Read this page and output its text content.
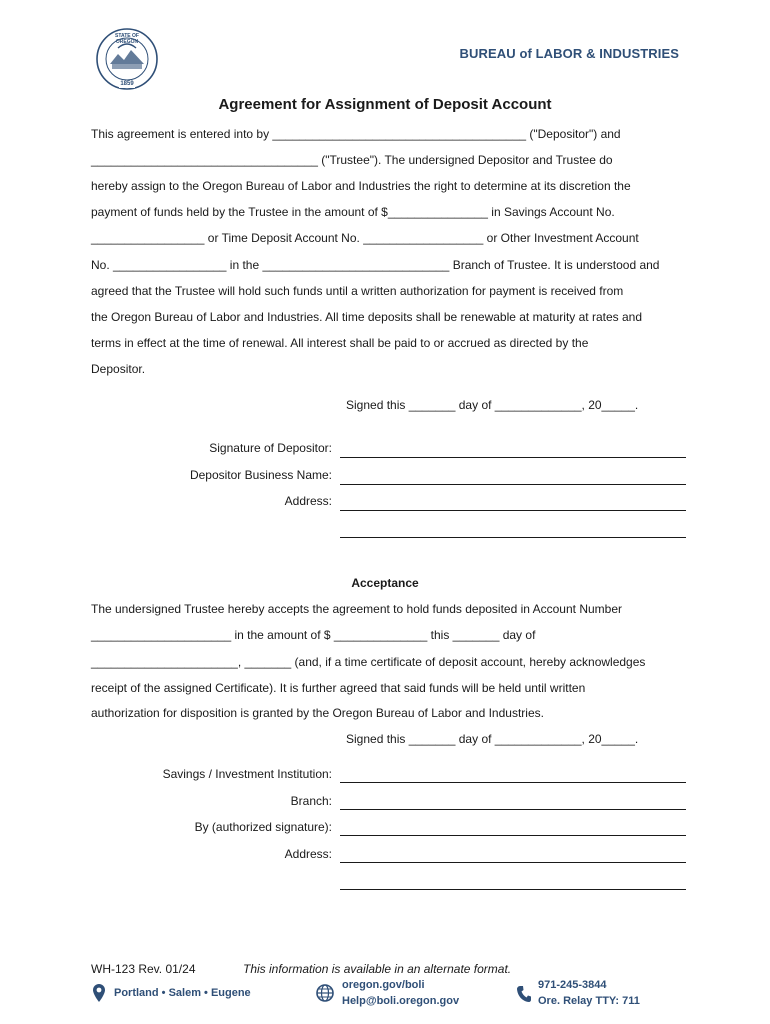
STATE OF OREGON
1859
BUREAU of LABOR & INDUSTRIES
Agreement for Assignment of Deposit Account
This agreement is entered into by ______________________________________ ("Depositor") and
__________________________________ ("Trustee"). The undersigned Depositor and Trustee do
hereby assign to the Oregon Bureau of Labor and Industries the right to determine at its discretion the
payment of funds held by the Trustee in the amount of $_______________ in Savings Account No.
_________________ or Time Deposit Account No. __________________ or Other Investment Account
No. _________________ in the ____________________________ Branch of Trustee. It is understood and
agreed that the Trustee will hold such funds until a written authorization for payment is received from
the Oregon Bureau of Labor and Industries. All time deposits shall be renewable at maturity at rates and
terms in effect at the time of renewal. All interest shall be paid to or accrued as directed by the
Depositor.
Signed this _______ day of _____________, 20_____.
Signature of Depositor:
Depositor Business Name:
Address:
Acceptance
The undersigned Trustee hereby accepts the agreement to hold funds deposited in Account Number
_____________________ in the amount of $ ______________ this _______ day of
______________________, _______ (and, if a time certificate of deposit account, hereby acknowledges
receipt of the assigned Certificate). It is further agreed that said funds will be held until written
authorization for disposition is granted by the Oregon Bureau of Labor and Industries.
Signed this _______ day of _____________, 20_____.
Savings / Investment Institution:
Branch:
By (authorized signature):
Address:
WH-123 Rev. 01/24	This information is available in an alternate format.
Portland • Salem • Eugene
oregon.gov/boli
Help@boli.oregon.gov
971-245-3844
Ore. Relay TTY: 711
